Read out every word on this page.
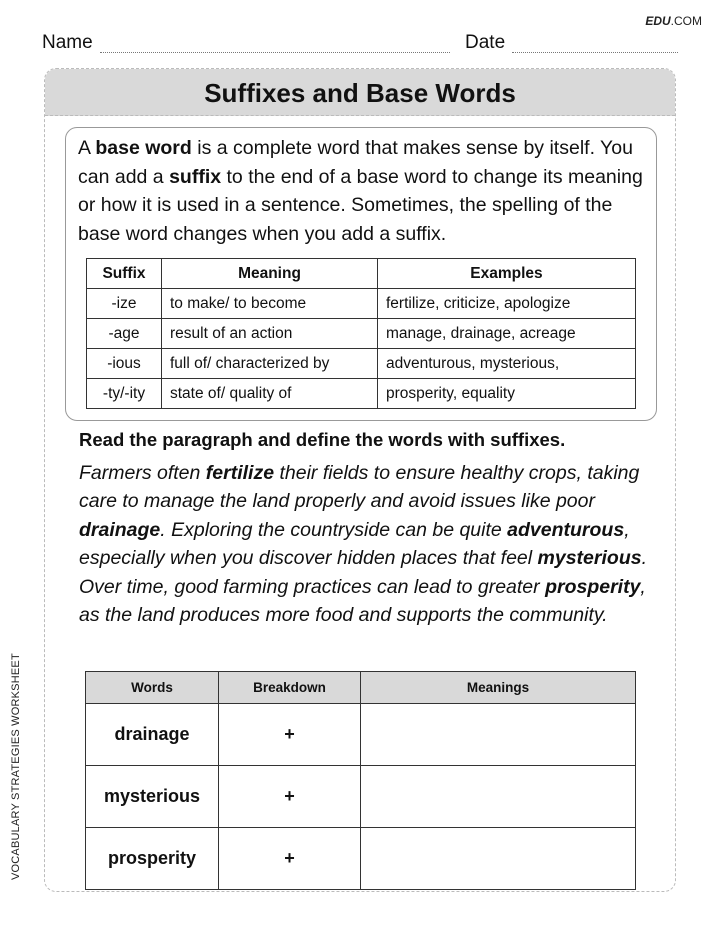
EDU.COM
Name	Date
VOCABULARY STRATEGIES WORKSHEET
Suffixes and Base Words
A base word is a complete word that makes sense by itself. You can add a suffix to the end of a base word to change its meaning or how it is used in a sentence. Sometimes, the spelling of the base word changes when you add a suffix.
Suffix	Meaning	Examples
-ize	to make/ to become	fertilize, criticize, apologize
-age	result of an action	manage, drainage, acreage
-ious	full of/ characterized by	adventurous, mysterious,
-ty/-ity	state of/ quality of	prosperity, equality
Read the paragraph and define the words with suffixes.
Farmers often fertilize their fields to ensure healthy crops, taking care to manage the land properly and avoid issues like poor drainage. Exploring the countryside can be quite adventurous, especially when you discover hidden places that feel mysterious. Over time, good farming practices can lead to greater prosperity, as the land produces more food and supports the community.
Words	Breakdown	Meanings
drainage	+	
mysterious	+	
prosperity	+	
